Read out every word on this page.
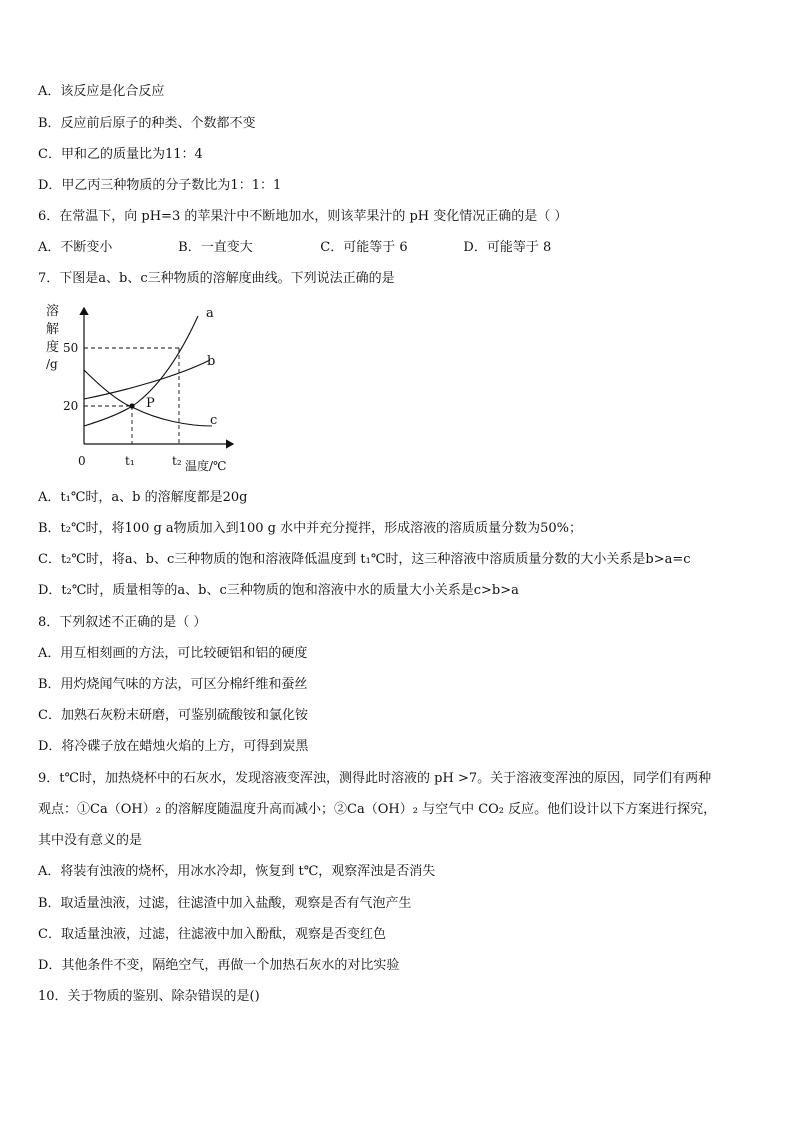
A．该反应是化合反应
B．反应前后原子的种类、个数都不变
C．甲和乙的质量比为11：4
D．甲乙丙三种物质的分子数比为1：1：1
6．在常温下，向 pH=3 的苹果汁中不断地加水，则该苹果汁的 pH 变化情况正确的是（ ）
7．下图是a、b、c三种物质的溶解度曲线。下列说法正确的是
A．t₁℃时，a、b 的溶解度都是20g
B．t₂℃时，将100 g a物质加入到100 g 水中并充分搅拌，形成溶液的溶质质量分数为50%；
C．t₂℃时，将a、b、c三种物质的饱和溶液降低温度到 t₁℃时，这三种溶液中溶质质量分数的大小关系是b>a=c
D．t₂℃时，质量相等的a、b、c三种物质的饱和溶液中水的质量大小关系是c>b>a
8．下列叙述不正确的是（ ）
A．用互相刻画的方法，可比较硬铝和铝的硬度
B．用灼烧闻气味的方法，可区分棉纤维和蚕丝
C．加熟石灰粉末研磨，可鉴别硫酸铵和氯化铵
D．将冷碟子放在蜡烛火焰的上方，可得到炭黑
9．t℃时，加热烧杯中的石灰水，发现溶液变浑浊，测得此时溶液的 pH >7。关于溶液变浑浊的原因，同学们有两种
观点：①Ca（OH）₂ 的溶解度随温度升高而减小；②Ca（OH）₂ 与空气中 CO₂ 反应。他们设计以下方案进行探究，
其中没有意义的是
A．将装有浊液的烧杯，用冰水冷却，恢复到 t℃，观察浑浊是否消失
B．取适量浊液，过滤，往滤渣中加入盐酸，观察是否有气泡产生
C．取适量浊液，过滤，往滤液中加入酚酞，观察是否变红色
D．其他条件不变，隔绝空气，再做一个加热石灰水的对比实验
10．关于物质的鉴别、除杂错误的是()
A．不断变小	B．一直变大	C．可能等于 6	D．可能等于 8
溶
解
度
/g
P
a
b
c
50
20
0	t₁	t₂ 温度/℃
